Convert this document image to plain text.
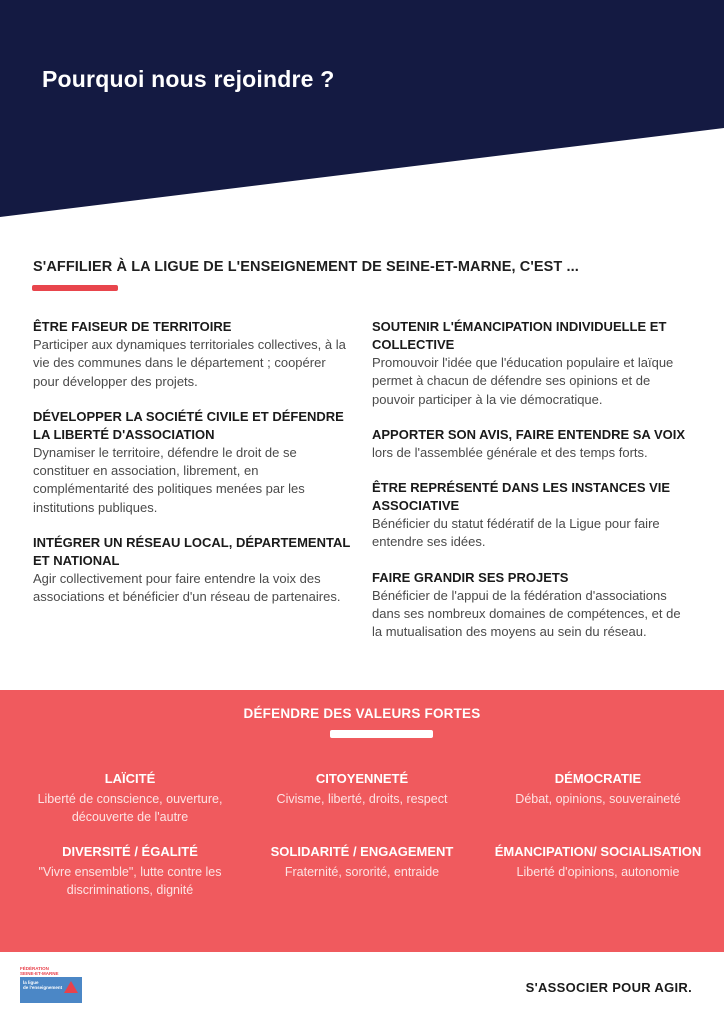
Pourquoi nous rejoindre ?

S'AFFILIER À LA LIGUE DE L'ENSEIGNEMENT DE SEINE-ET-MARNE, C'EST ...

ÊTRE FAISEUR DE TERRITOIRE

Participer aux dynamiques territoriales collectives, à la vie des communes dans le département ; coopérer pour développer des projets.

DÉVELOPPER LA SOCIÉTÉ CIVILE ET DÉFENDRE LA LIBERTÉ D'ASSOCIATION

Dynamiser le territoire, défendre le droit de se constituer en association, librement, en complémentarité des politiques menées par les institutions publiques.

INTÉGRER UN RÉSEAU LOCAL, DÉPARTEMENTAL ET NATIONAL

Agir collectivement pour faire entendre la voix des associations et bénéficier d'un réseau de partenaires.

SOUTENIR L'ÉMANCIPATION INDIVIDUELLE ET COLLECTIVE

Promouvoir l'idée que l'éducation populaire et laïque permet à chacun de défendre ses opinions et de pouvoir participer à la vie démocratique.

APPORTER SON AVIS, FAIRE ENTENDRE SA VOIX

lors de l'assemblée générale et des temps forts.

ÊTRE REPRÉSENTÉ DANS LES INSTANCES VIE ASSOCIATIVE

Bénéficier du statut fédératif de la Ligue pour faire entendre ses idées.

FAIRE GRANDIR SES PROJETS

Bénéficier de l'appui de la fédération d'associations dans ses nombreux domaines de compétences, et de la mutualisation des moyens au sein du réseau.

DÉFENDRE DES VALEURS FORTES
LAÏCITÉ

Liberté de conscience, ouverture, découverte de l'autre

CITOYENNETÉ

Civisme, liberté, droits, respect

DÉMOCRATIE

Débat, opinions, souveraineté

DIVERSITÉ / ÉGALITÉ

"Vivre ensemble", lutte contre les discriminations, dignité

SOLIDARITÉ / ENGAGEMENT

Fraternité, sororité, entraide

ÉMANCIPATION/ SOCIALISATION

Liberté d'opinions, autonomie

FÉDÉRATION

SEINE-ET-MARNE

la ligue
de l'enseignement	S'ASSOCIER POUR AGIR.
